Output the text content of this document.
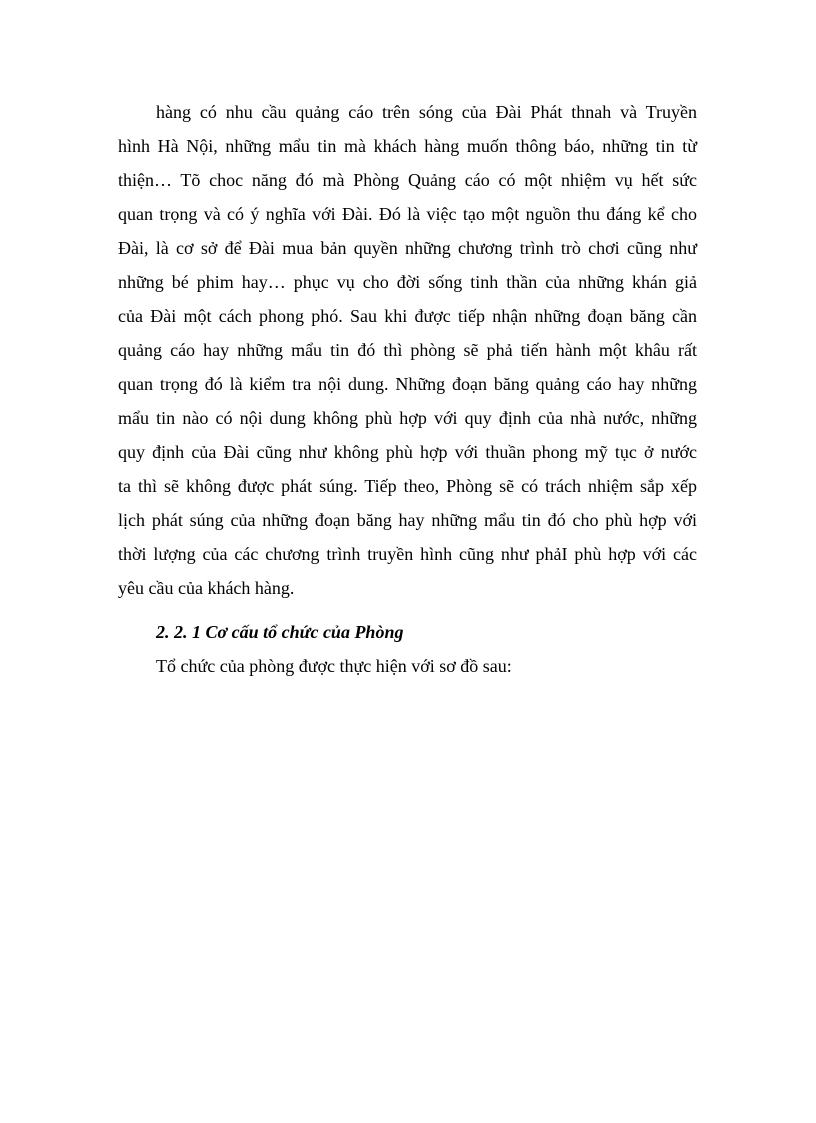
hàng có nhu cầu quảng cáo trên sóng của Đài Phát thnah và Truyền
hình Hà Nội, những mẩu tin mà khách hàng muốn thông báo, những tin từ
thiện… Tõ choc năng đó mà Phòng Quảng cáo có một nhiệm vụ hết sức
quan trọng và có ý nghĩa với Đài. Đó là việc tạo một nguồn thu đáng kể cho
Đài, là cơ sở để Đài mua bản quyền những chương trình trò chơi cũng như
những bé phim hay… phục vụ cho đời sống tinh thần của những khán giả
của Đài một cách phong phó. Sau khi được tiếp nhận những đoạn băng cần
quảng cáo hay những mẩu tin đó thì phòng sẽ phả tiến hành một khâu rất
quan trọng đó là kiểm tra nội dung. Những đoạn băng quảng cáo hay những
mẩu tin nào có nội dung không phù hợp với quy định của nhà nước, những
quy định của Đài cũng như không phù hợp với thuần phong mỹ tục ở nước
ta thì sẽ không được phát súng. Tiếp theo, Phòng sẽ có trách nhiệm sắp xếp
lịch phát súng của những đoạn băng hay những mẩu tin đó cho phù hợp với
thời lượng của các chương trình truyền hình cũng như phảI phù hợp với các
yêu cầu của khách hàng.
2. 2. 1 Cơ cấu tổ chức của Phòng
Tổ chức của phòng được thực hiện với sơ đồ sau:
